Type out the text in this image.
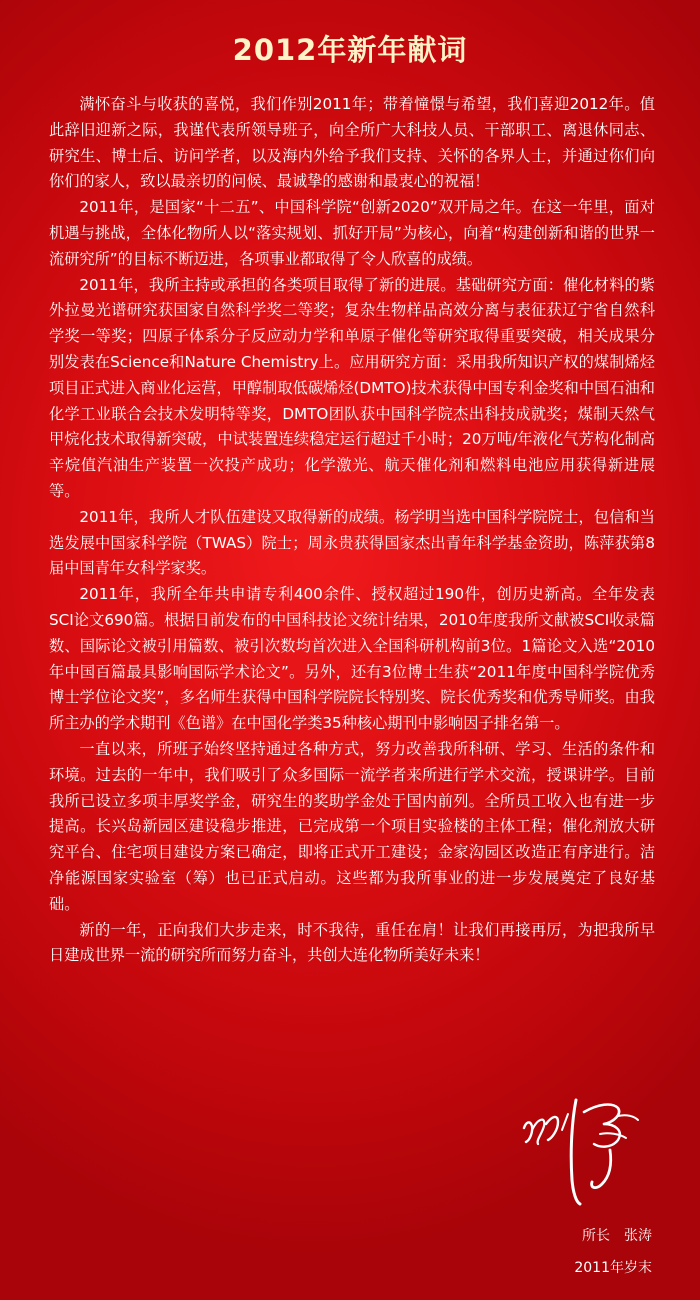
2012年新年献词

满怀奋斗与收获的喜悦，我们作别2011年；带着憧憬与希望，我们喜迎2012年。值此辞旧迎新之际，我谨代表所领导班子，向全所广大科技人员、干部职工、离退休同志、研究生、博士后、访问学者，以及海内外给予我们支持、关怀的各界人士，并通过你们向你们的家人，致以最亲切的问候、最诚挚的感谢和最衷心的祝福！

2011年，是国家“十二五”、中国科学院“创新2020”双开局之年。在这一年里，面对机遇与挑战，全体化物所人以“落实规划、抓好开局”为核心，向着“构建创新和谐的世界一流研究所”的目标不断迈进，各项事业都取得了令人欣喜的成绩。

2011年，我所主持或承担的各类项目取得了新的进展。基础研究方面：催化材料的紫外拉曼光谱研究获国家自然科学奖二等奖；复杂生物样品高效分离与表征获辽宁省自然科学奖一等奖；四原子体系分子反应动力学和单原子催化等研究取得重要突破，相关成果分别发表在Science和Nature Chemistry上。应用研究方面：采用我所知识产权的煤制烯烃项目正式进入商业化运营，甲醇制取低碳烯烃(DMTO)技术获得中国专利金奖和中国石油和化学工业联合会技术发明特等奖，DMTO团队获中国科学院杰出科技成就奖；煤制天然气甲烷化技术取得新突破，中试装置连续稳定运行超过千小时；20万吨/年液化气芳构化制高辛烷值汽油生产装置一次投产成功；化学激光、航天催化剂和燃料电池应用获得新进展等。

2011年，我所人才队伍建设又取得新的成绩。杨学明当选中国科学院院士，包信和当选发展中国家科学院（TWAS）院士；周永贵获得国家杰出青年科学基金资助，陈萍获第8届中国青年女科学家奖。

2011年，我所全年共申请专利400余件、授权超过190件，创历史新高。全年发表SCI论文690篇。根据日前发布的中国科技论文统计结果，2010年度我所文献被SCI收录篇数、国际论文被引用篇数、被引次数均首次进入全国科研机构前3位。1篇论文入选“2010年中国百篇最具影响国际学术论文”。另外，还有3位博士生获“2011年度中国科学院优秀博士学位论文奖”，多名师生获得中国科学院院长特别奖、院长优秀奖和优秀导师奖。由我所主办的学术期刊《色谱》在中国化学类35种核心期刊中影响因子排名第一。

一直以来，所班子始终坚持通过各种方式，努力改善我所科研、学习、生活的条件和环境。过去的一年中，我们吸引了众多国际一流学者来所进行学术交流，授课讲学。目前我所已设立多项丰厚奖学金，研究生的奖助学金处于国内前列。全所员工收入也有进一步提高。长兴岛新园区建设稳步推进，已完成第一个项目实验楼的主体工程；催化剂放大研究平台、住宅项目建设方案已确定，即将正式开工建设；金家沟园区改造正有序进行。洁净能源国家实验室（筹）也已正式启动。这些都为我所事业的进一步发展奠定了良好基础。

新的一年，正向我们大步走来，时不我待，重任在肩！让我们再接再厉，为把我所早日建成世界一流的研究所而努力奋斗，共创大连化物所美好未来！

所长　张涛
2011年岁末
